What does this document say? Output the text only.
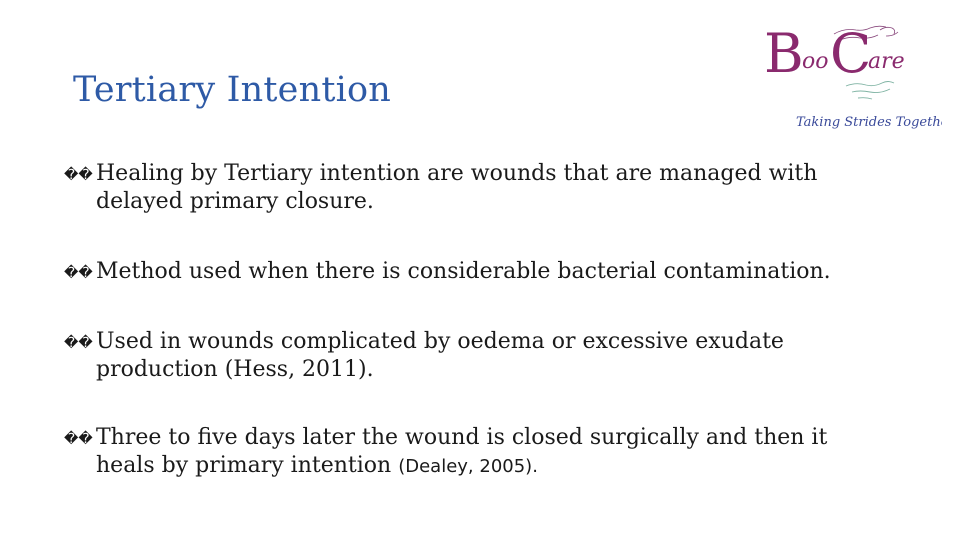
Tertiary Intention
B
oo C
are
Taking Strides Together
�� Healing by Tertiary intention are wounds that are managed with delayed primary closure.
�� Method used when there is considerable bacterial contamination.
�� Used in wounds complicated by oedema or excessive exudate production (Hess, 2011).
�� Three to five days later the wound is closed surgically and then it heals by primary intention (Dealey, 2005).
